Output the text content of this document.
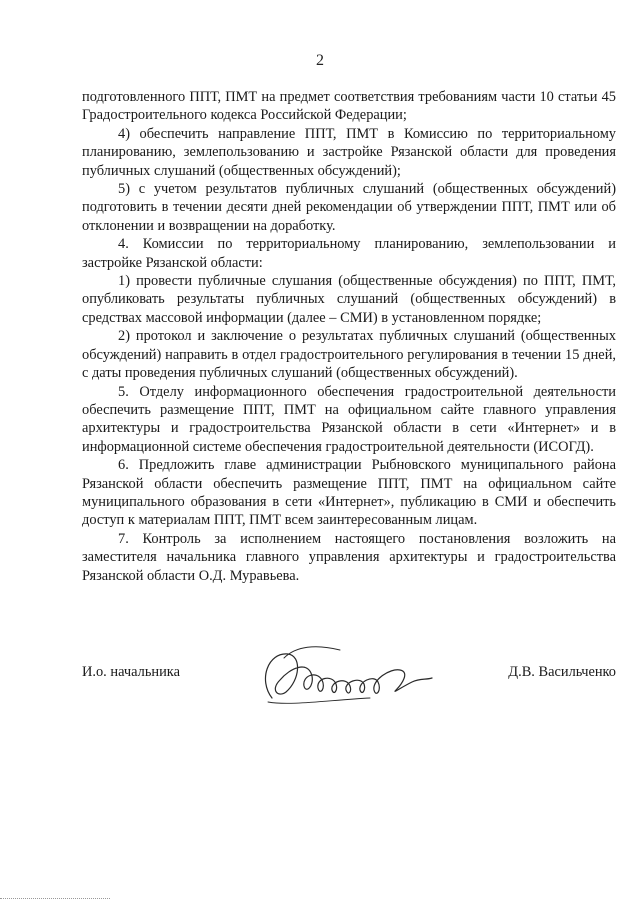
2

подготовленного ППТ, ПМТ на предмет соответствия требованиям части 10 статьи 45 Градостроительного кодекса Российской Федерации;

4) обеспечить направление ППТ, ПМТ в Комиссию по территориальному планированию, землепользованию и застройке Рязанской области для проведения публичных слушаний (общественных обсуждений);

5) с учетом результатов публичных слушаний (общественных обсуждений) подготовить в течении десяти дней рекомендации об утверждении ППТ, ПМТ или об отклонении и возвращении на доработку.

4. Комиссии по территориальному планированию, землепользовании и застройке Рязанской области:

1) провести публичные слушания (общественные обсуждения) по ППТ, ПМТ, опубликовать результаты публичных слушаний (общественных обсуждений) в средствах массовой информации (далее – СМИ) в установленном порядке;

2) протокол и заключение о результатах публичных слушаний (общественных обсуждений) направить в отдел градостроительного регулирования в течении 15 дней, с даты проведения публичных слушаний (общественных обсуждений).

5. Отделу информационного обеспечения градостроительной деятельности обеспечить размещение ППТ, ПМТ на официальном сайте главного управления архитектуры и градостроительства Рязанской области в сети «Интернет» и в информационной системе обеспечения градостроительной деятельности (ИСОГД).

6. Предложить главе администрации Рыбновского муниципального района Рязанской области обеспечить размещение ППТ, ПМТ на официальном сайте муниципального образования в сети «Интернет», публикацию в СМИ и обеспечить доступ к материалам ППТ, ПМТ всем заинтересованным лицам.

7. Контроль за исполнением настоящего постановления возложить на заместителя начальника главного управления архитектуры и градостроительства Рязанской области О.Д. Муравьева.

И.о. начальника	Д.В. Васильченко
